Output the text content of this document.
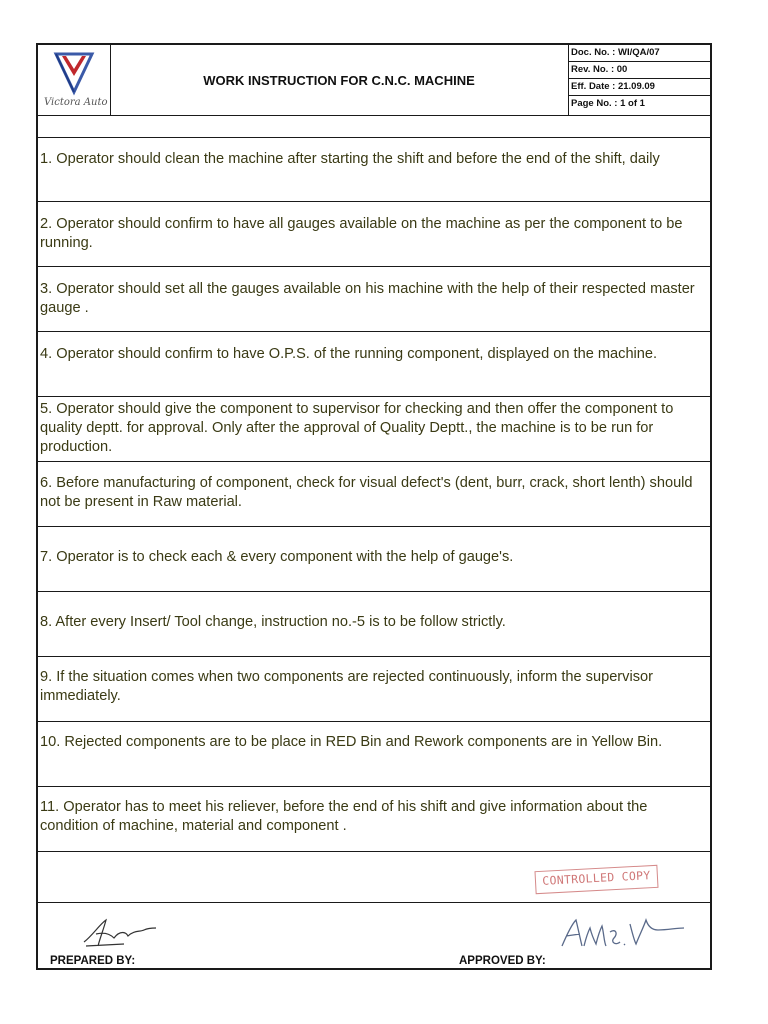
Victora Auto
WORK INSTRUCTION FOR C.N.C. MACHINE
Doc. No. : WI/QA/07
Rev. No. : 00
Eff. Date : 21.09.09
Page No. : 1 of 1
1. Operator should clean the machine after starting the shift and before the end of the shift, daily
2. Operator should confirm to have all gauges available on the machine as per the component to be running.
3. Operator should set all the gauges available on his machine with the help of their respected master gauge .
4. Operator should confirm to have O.P.S. of the running component, displayed on the machine.
5. Operator should give the component to supervisor for checking and then offer the component to quality deptt. for approval. Only after the approval of Quality Deptt., the machine is to be run for production.
6. Before manufacturing of component, check for visual defect's (dent, burr, crack, short lenth) should not be present in Raw material.
7. Operator is to check each & every component with the help of gauge's.
8. After every Insert/ Tool change, instruction no.-5 is to be follow strictly.
9. If the situation comes when two components are rejected continuously, inform the supervisor immediately.
10. Rejected components are to be place in RED Bin and Rework components are in Yellow Bin.
11. Operator has to meet his reliever, before the end of his shift and give information about the condition of machine, material and component .
CONTROLLED COPY
PREPARED BY:	APPROVED BY:
